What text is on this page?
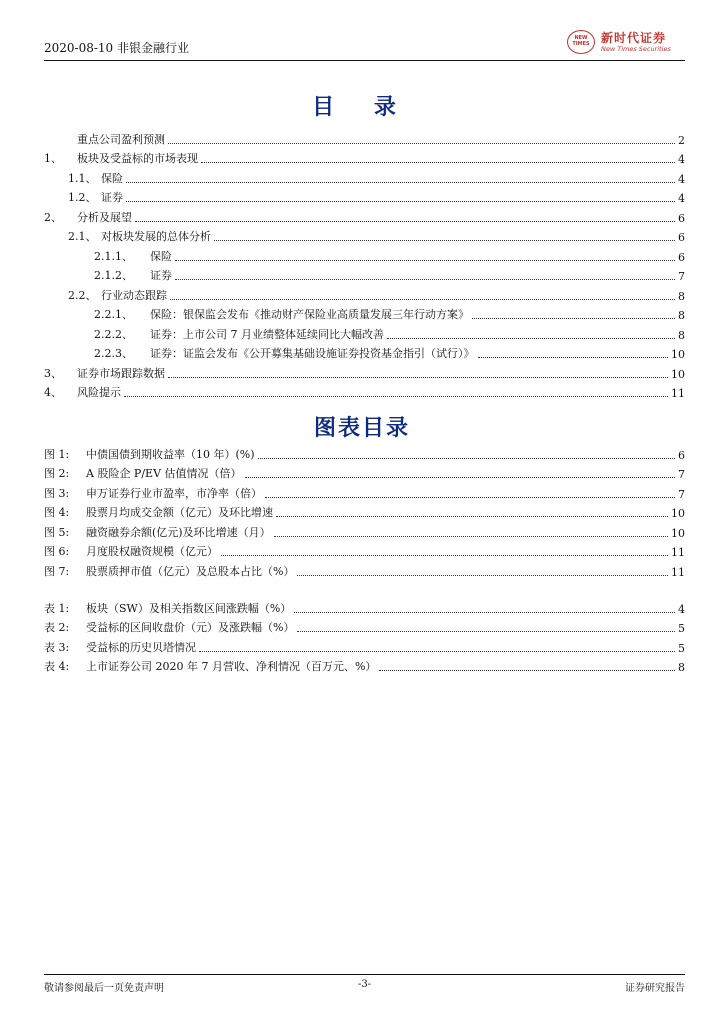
2020-08-10 非银金融行业
NEW TIMES 新时代证券
New Times Securities
目 录
重点公司盈利预测	2
1、	板块及受益标的市场表现	4
1.1、 保险	4
1.2、 证券	4
2、	分析及展望	6
2.1、 对板块发展的总体分析	6
2.1.1、	保险	6
2.1.2、	证券	7
2.2、 行业动态跟踪	8
2.2.1、	保险：银保监会发布《推动财产保险业高质量发展三年行动方案》	8
2.2.2、	证券：上市公司 7 月业绩整体延续同比大幅改善	8
2.2.3、	证券：证监会发布《公开募集基础设施证券投资基金指引（试行）》	10
3、	证券市场跟踪数据	10
4、	风险提示	11
图表目录
图 1:	中债国债到期收益率（10 年）(%)	6
图 2:	A 股险企 P/EV 估值情况（倍）	7
图 3:	申万证券行业市盈率，市净率（倍）	7
图 4:	股票月均成交金额（亿元）及环比增速	10
图 5:	融资融券余额(亿元)及环比增速（月）	10
图 6:	月度股权融资规模（亿元）	11
图 7:	股票质押市值（亿元）及总股本占比（%）	11
表 1:	板块（SW）及相关指数区间涨跌幅（%）	4
表 2:	受益标的区间收盘价（元）及涨跌幅（%）	5
表 3:	受益标的历史贝塔情况	5
表 4:	上市证券公司 2020 年 7 月营收、净利情况（百万元、%）	8
敬请参阅最后一页免责声明	-3-	证券研究报告
